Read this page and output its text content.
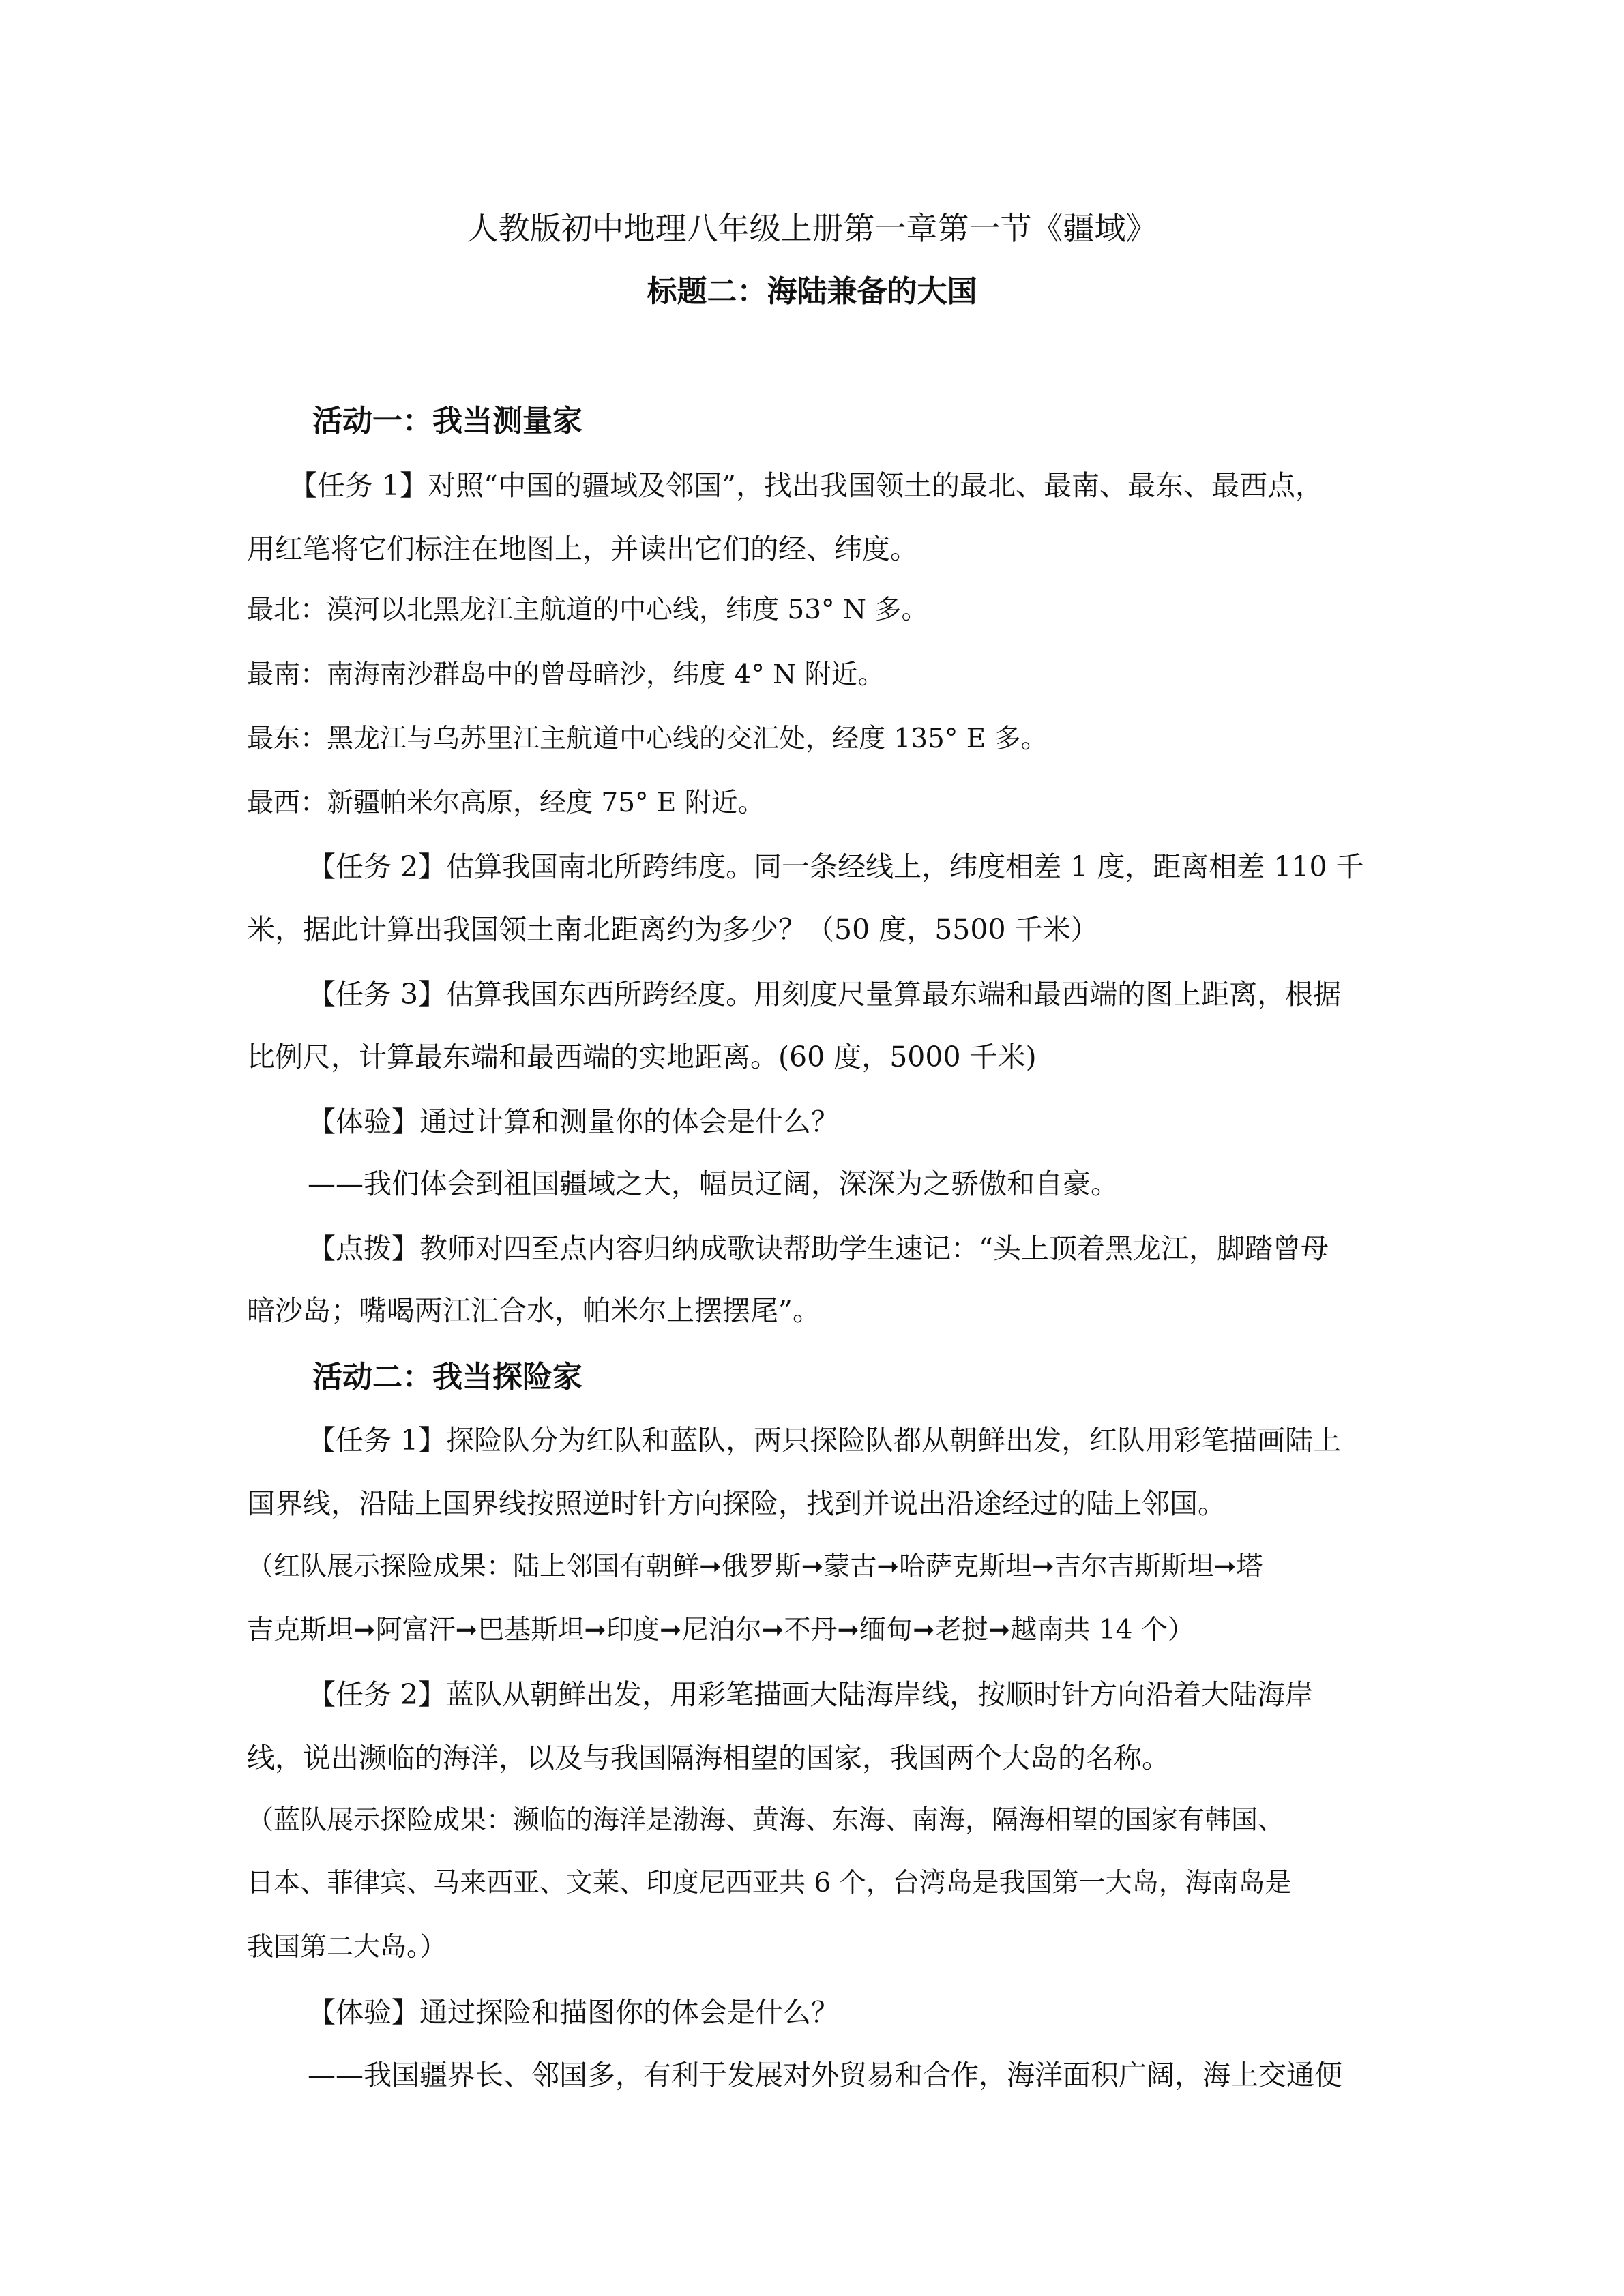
人教版初中地理八年级上册第一章第一节《疆域》
标题二：海陆兼备的大国
活动一：我当测量家
【任务 1】对照“中国的疆域及邻国”，找出我国领土的最北、最南、最东、最西点，
用红笔将它们标注在地图上，并读出它们的经、纬度。
最北：漠河以北黑龙江主航道的中心线，纬度 53° N 多。
最南：南海南沙群岛中的曾母暗沙，纬度 4° N 附近。
最东：黑龙江与乌苏里江主航道中心线的交汇处，经度 135° E 多。
最西：新疆帕米尔高原，经度 75° E 附近。
【任务 2】估算我国南北所跨纬度。同一条经线上，纬度相差 1 度，距离相差 110 千
米，据此计算出我国领土南北距离约为多少？（50 度，5500 千米）
【任务 3】估算我国东西所跨经度。用刻度尺量算最东端和最西端的图上距离，根据
比例尺，计算最东端和最西端的实地距离。(60 度，5000 千米)
【体验】通过计算和测量你的体会是什么？
——我们体会到祖国疆域之大，幅员辽阔，深深为之骄傲和自豪。
【点拨】教师对四至点内容归纳成歌诀帮助学生速记：“头上顶着黑龙江，脚踏曾母
暗沙岛；嘴喝两江汇合水，帕米尔上摆摆尾”。
活动二：我当探险家
【任务 1】探险队分为红队和蓝队，两只探险队都从朝鲜出发，红队用彩笔描画陆上
国界线，沿陆上国界线按照逆时针方向探险，找到并说出沿途经过的陆上邻国。
（红队展示探险成果：陆上邻国有朝鲜➞俄罗斯➞蒙古➞哈萨克斯坦➞吉尔吉斯斯坦➞塔
吉克斯坦➞阿富汗➞巴基斯坦➞印度➞尼泊尔➞不丹➞缅甸➞老挝➞越南共 14 个）
【任务 2】蓝队从朝鲜出发，用彩笔描画大陆海岸线，按顺时针方向沿着大陆海岸
线，说出濒临的海洋，以及与我国隔海相望的国家，我国两个大岛的名称。
（蓝队展示探险成果：濒临的海洋是渤海、黄海、东海、南海，隔海相望的国家有韩国、
日本、菲律宾、马来西亚、文莱、印度尼西亚共 6 个，台湾岛是我国第一大岛，海南岛是
我国第二大岛。）
【体验】通过探险和描图你的体会是什么？
——我国疆界长、邻国多，有利于发展对外贸易和合作，海洋面积广阔，海上交通便
